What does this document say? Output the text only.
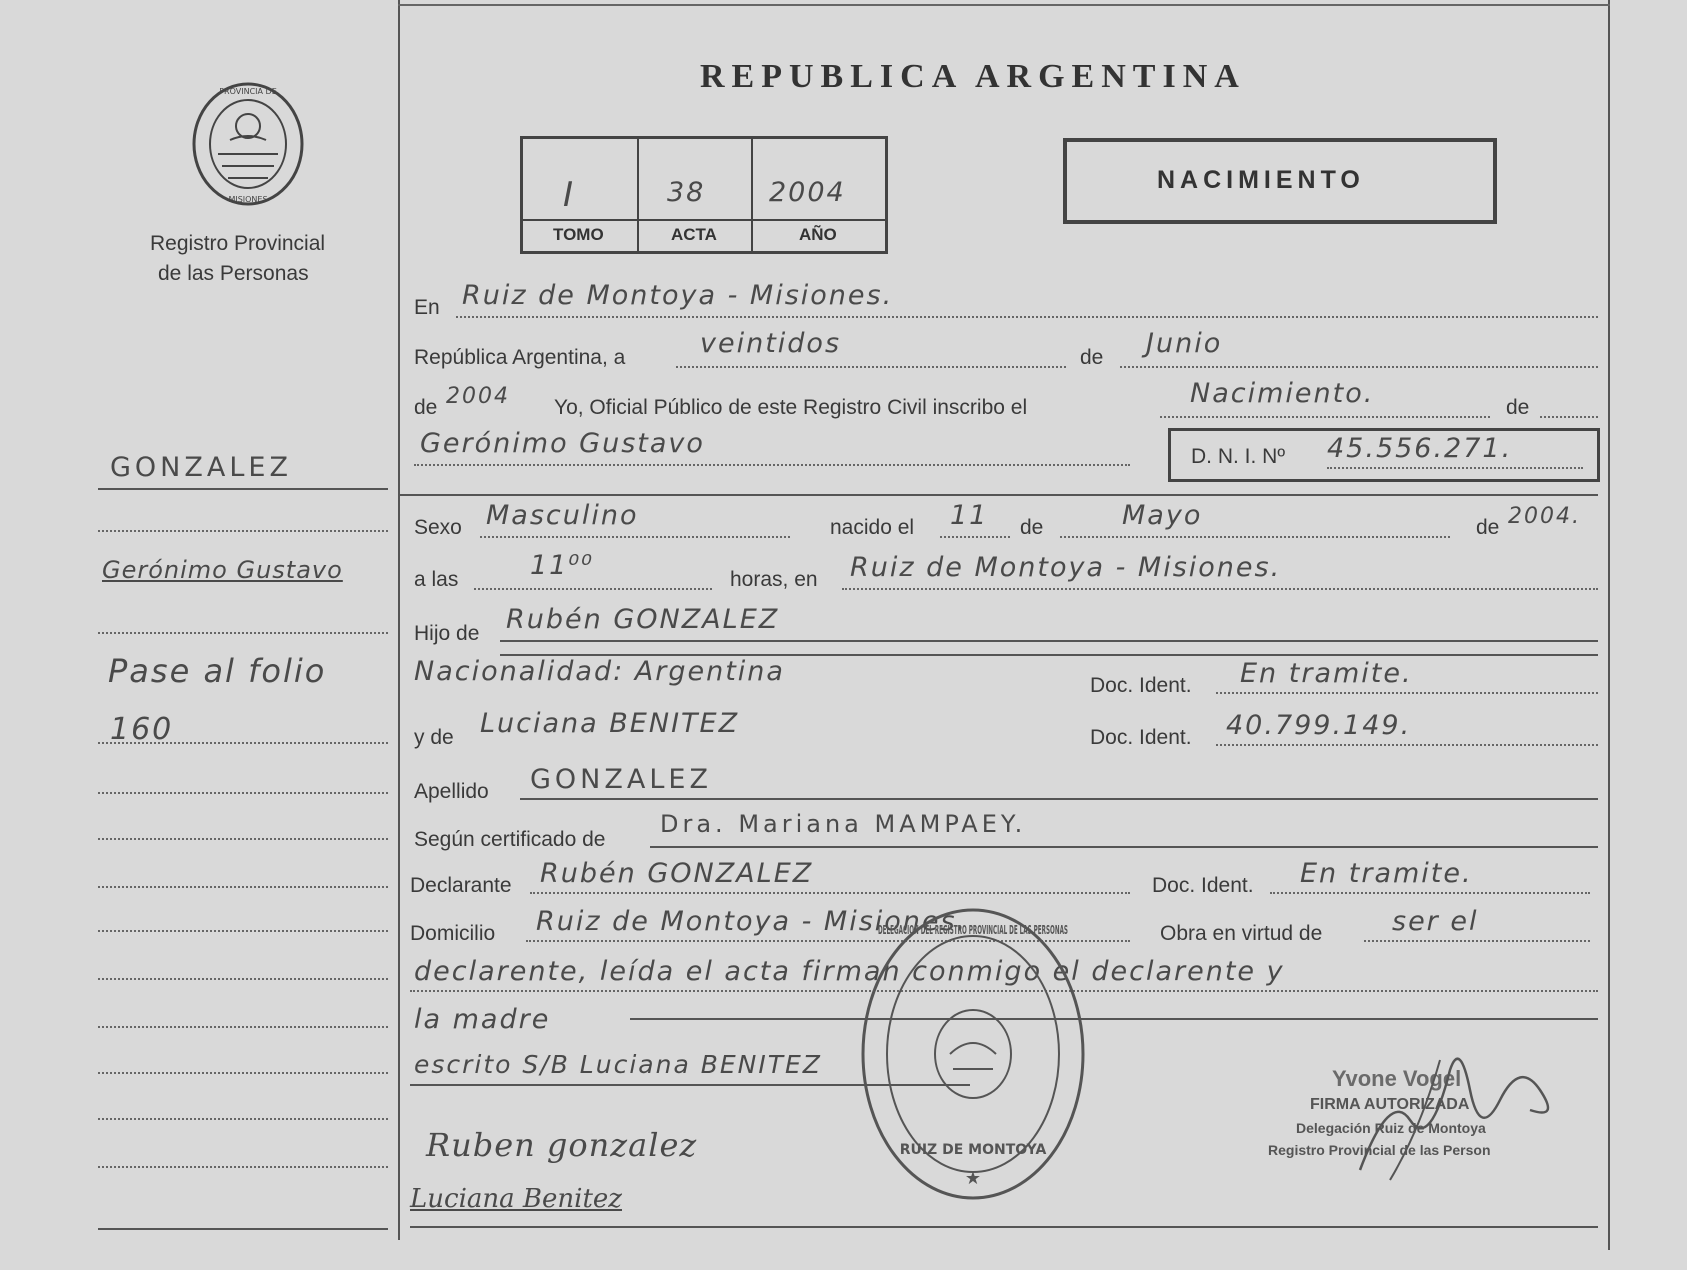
REPUBLICA ARGENTINA
PROVINCIA DE
MISIONES
Registro Provincial
de las Personas
I	38 2004
TOMO	ACTA	AÑO
NACIMIENTO
GONZALEZ
Gerónimo Gustavo
Pase al folio
160
En Ruiz de Montoya - Misiones.
República Argentina, a	veintidos	de Junio
de 2004 Yo, Oficial Público de este Registro Civil inscribo el	Nacimiento.	de
Gerónimo Gustavo	D. N. I. Nº 45.556.271.
Sexo Masculino	nacido el 11 de	Mayo	de 2004.
a las	11⁰⁰	horas, en Ruiz de Montoya - Misiones.
Hijo de Rubén GONZALEZ
Nacionalidad: Argentina	Doc. Ident. En tramite.
y de Luciana BENITEZ	Doc. Ident. 40.799.149.
Apellido GONZALEZ
Según certificado de
Dra. Mariana MAMPAEY.
Declarante Rubén GONZALEZ	Doc. Ident. En tramite.
Domicilio Ruiz de Montoya - Misiones.	Obra en virtud de	ser el
declarente, leída el acta firman conmigo el declarente y
la madre
escrito S/B Luciana BENITEZ
DELEGACION DEL REGISTRO PROVINCIAL DE LAS PERSONAS
RUIZ DE MONTOYA
★
Yvone Vogel
FIRMA AUTORIZADA
Delegación Ruiz de Montoya
Registro Provincial de las Person
Ruben gonzalez
Luciana Benitez
